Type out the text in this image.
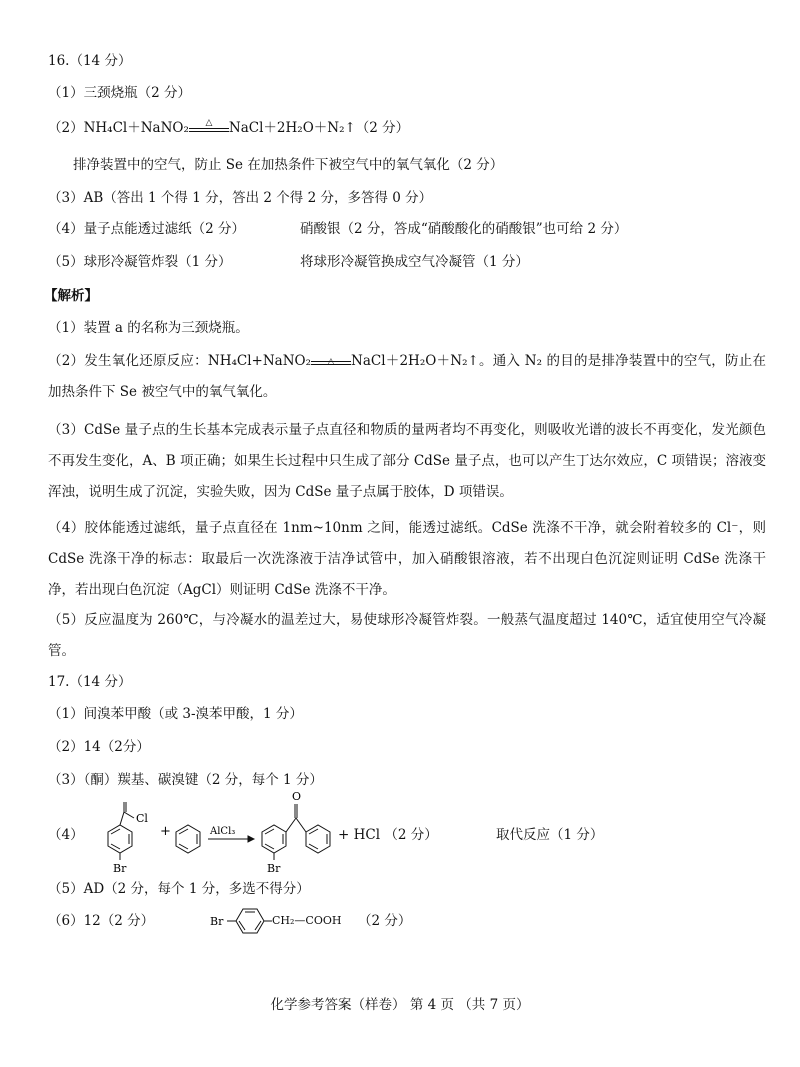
16.（14 分）
（1）三颈烧瓶（2 分）
（2）NH₄Cl＋NaNO₂	△	NaCl＋2H₂O＋N₂↑（2 分）
排净装置中的空气，防止 Se 在加热条件下被空气中的氧气氧化（2 分）
（3）AB（答出 1 个得 1 分，答出 2 个得 2 分，多答得 0 分）
（4）量子点能透过滤纸（2 分）	硝酸银（2 分，答成“硝酸酸化的硝酸银”也可给 2 分）
（5）球形冷凝管炸裂（1 分）	将球形冷凝管换成空气冷凝管（1 分）
【解析】
（1）装置 a 的名称为三颈烧瓶。
（2）发生氧化还原反应：NH₄Cl+NaNO₂	△	NaCl＋2H₂O＋N₂↑。通入 N₂ 的目的是排净装置中的空气，防止在加热条件下 Se 被空气中的氧气氧化。
（3）CdSe 量子点的生长基本完成表示量子点直径和物质的量两者均不再变化，则吸收光谱的波长不再变化，发光颜色不再发生变化，A、B 项正确；如果生长过程中只生成了部分 CdSe 量子点，也可以产生丁达尔效应，C 项错误；溶液变浑浊，说明生成了沉淀，实验失败，因为 CdSe 量子点属于胶体，D 项错误。
（4）胶体能透过滤纸，量子点直径在 1nm~10nm 之间，能透过滤纸。CdSe 洗涤不干净，就会附着较多的 Cl⁻，则 CdSe 洗涤干净的标志：取最后一次洗涤液于洁净试管中，加入硝酸银溶液，若不出现白色沉淀则证明 CdSe 洗涤干净，若出现白色沉淀（AgCl）则证明 CdSe 洗涤不干净。
（5）反应温度为 260℃，与冷凝水的温差过大，易使球形冷凝管炸裂。一般蒸气温度超过 140℃，适宜使用空气冷凝管。
17.（14 分）
（1）间溴苯甲酸（或 3-溴苯甲酸，1 分）
（2）14（2分）
（3）（酮）羰基、碳溴键（2 分，每个 1 分）
（4）
Cl
Br
+	AlCl₃
O
Br
+ HCl （2 分）	取代反应（1 分）
（5）AD（2 分，每个 1 分，多选不得分）
（6）12（2 分）	Br	CH₂—COOH （2 分）
化学参考答案（样卷） 第 4 页 （共 7 页）
